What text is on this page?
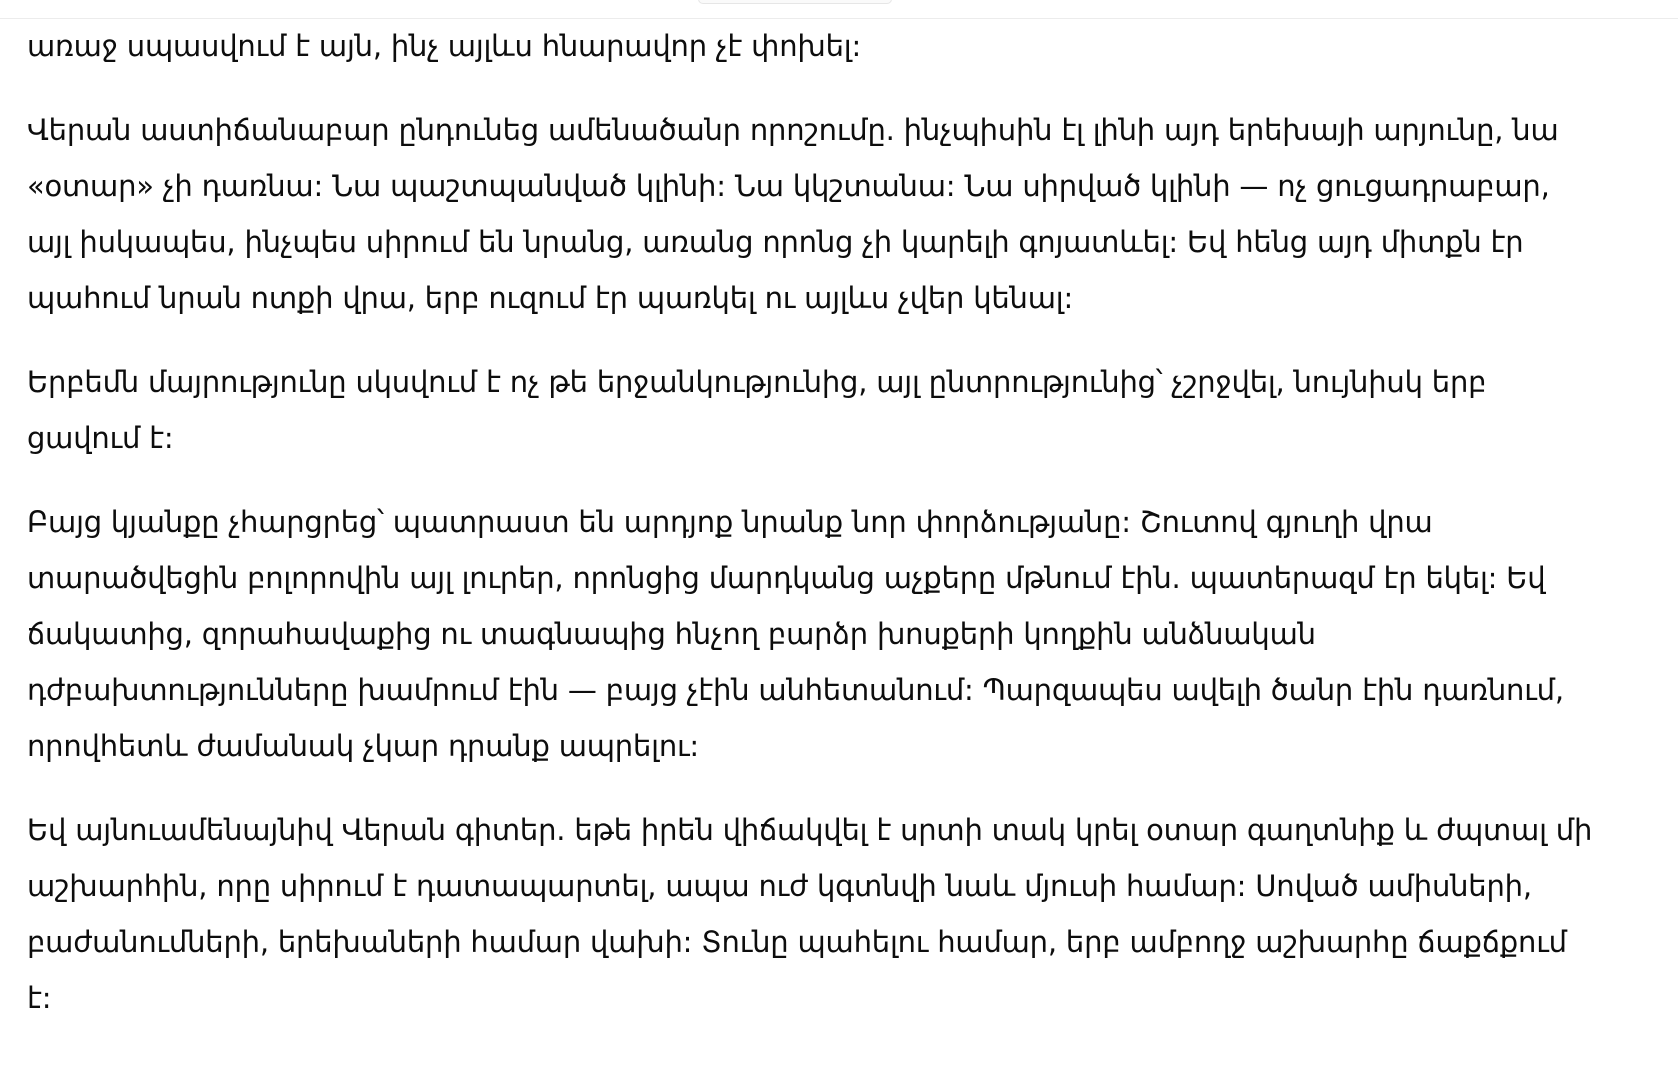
առաջ սպասվում է այն, ինչ այլևս հնարավոր չէ փոխել:

Վերան աստիճանաբար ընդունեց ամենածանր որոշումը. ինչպիսին էլ լինի այդ երեխայի արյունը, նա «օտար» չի դառնա: Նա պաշտպանված կլինի: Նա կկշտանա: Նա սիրված կլինի — ոչ ցուցադրաբար, այլ իսկապես, ինչպես սիրում են նրանց, առանց որոնց չի կարելի գոյատևել: Եվ հենց այդ միտքն էր պահում նրան ոտքի վրա, երբ ուզում էր պառկել ու այլևս չվեր կենալ:

Երբեմն մայրությունը սկսվում է ոչ թե երջանկությունից, այլ ընտրությունից՝ չշրջվել, նույնիսկ երբ ցավում է:

Բայց կյանքը չհարցրեց՝ պատրաստ են արդյոք նրանք նոր փորձությանը: Շուտով գյուղի վրա տարածվեցին բոլորովին այլ լուրեր, որոնցից մարդկանց աչքերը մթնում էին. պատերազմ էր եկել: Եվ ճակատից, զորահավաքից ու տագնապից հնչող բարձր խոսքերի կողքին անձնական դժբախտությունները խամրում էին — բայց չէին անհետանում: Պարզապես ավելի ծանր էին դառնում, որովհետև ժամանակ չկար դրանք ապրելու:

Եվ այնուամենայնիվ Վերան գիտեր. եթե իրեն վիճակվել է սրտի տակ կրել օտար գաղտնիք և ժպտալ մի աշխարհին, որը սիրում է դատապարտել, ապա ուժ կգտնվի նաև մյուսի համար: Սոված ամիսների, բաժանումների, երեխաների համար վախի: Տունը պահելու համար, երբ ամբողջ աշխարհը ճաքճքում է:
